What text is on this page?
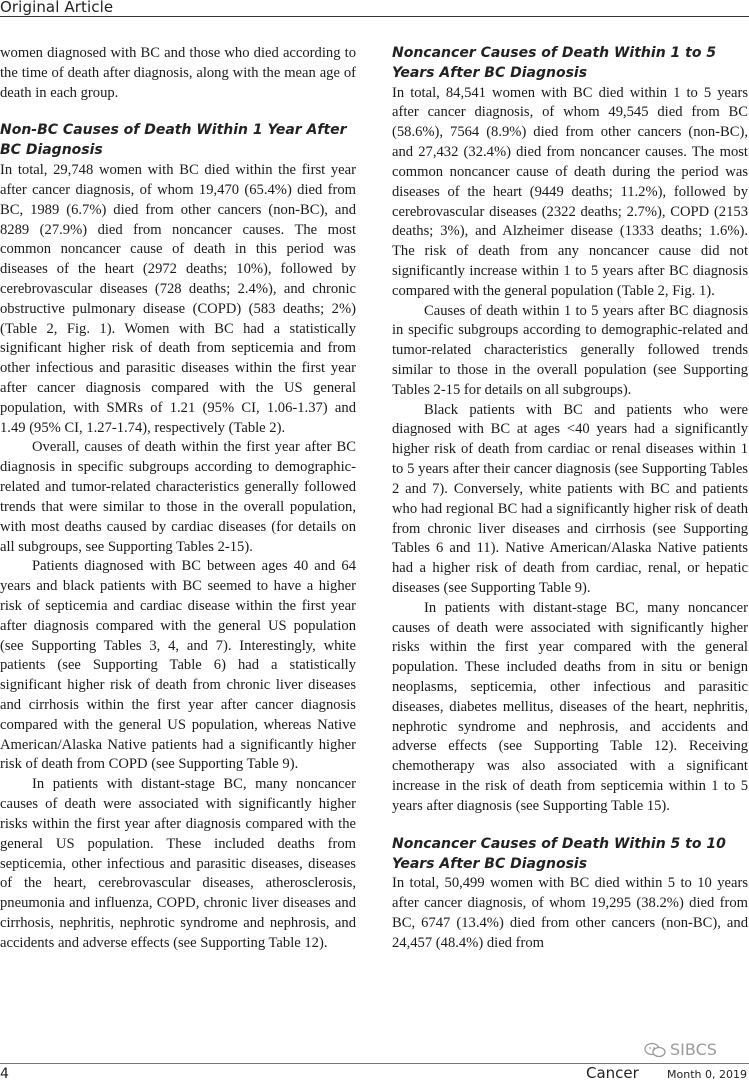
Original Article

women diagnosed with BC and those who died according to the time of death after diagnosis, along with the mean age of death in each group.

Non-BC Causes of Death Within 1 Year After BC Diagnosis

In total, 29,748 women with BC died within the first year after cancer diagnosis, of whom 19,470 (65.4%) died from BC, 1989 (6.7%) died from other cancers (non-BC), and 8289 (27.9%) died from noncancer causes. The most common noncancer cause of death in this period was diseases of the heart (2972 deaths; 10%), followed by cerebrovascular diseases (728 deaths; 2.4%), and chronic obstructive pulmonary disease (COPD) (583 deaths; 2%) (Table 2, Fig. 1). Women with BC had a statistically significant higher risk of death from septicemia and from other infectious and parasitic diseases within the first year after cancer diagnosis compared with the US general population, with SMRs of 1.21 (95% CI, 1.06-1.37) and 1.49 (95% CI, 1.27-1.74), respectively (Table 2).

Overall, causes of death within the first year after BC diagnosis in specific subgroups according to demographic-related and tumor-related characteristics generally followed trends that were similar to those in the overall population, with most deaths caused by cardiac diseases (for details on all subgroups, see Supporting Tables 2-15).

Patients diagnosed with BC between ages 40 and 64 years and black patients with BC seemed to have a higher risk of septicemia and cardiac disease within the first year after diagnosis compared with the general US population (see Supporting Tables 3, 4, and 7). Interestingly, white patients (see Supporting Table 6) had a statistically significant higher risk of death from chronic liver diseases and cirrhosis within the first year after cancer diagnosis compared with the general US population, whereas Native American/Alaska Native patients had a significantly higher risk of death from COPD (see Supporting Table 9).

In patients with distant-stage BC, many noncancer causes of death were associated with significantly higher risks within the first year after diagnosis compared with the general US population. These included deaths from septicemia, other infectious and parasitic diseases, diseases of the heart, cerebrovascular diseases, atherosclerosis, pneumonia and influenza, COPD, chronic liver diseases and cirrhosis, nephritis, nephrotic syndrome and nephrosis, and accidents and adverse effects (see Supporting Table 12).

Noncancer Causes of Death Within 1 to 5 Years After BC Diagnosis

In total, 84,541 women with BC died within 1 to 5 years after cancer diagnosis, of whom 49,545 died from BC (58.6%), 7564 (8.9%) died from other cancers (non-BC), and 27,432 (32.4%) died from noncancer causes. The most common noncancer cause of death during the period was diseases of the heart (9449 deaths; 11.2%), followed by cerebrovascular diseases (2322 deaths; 2.7%), COPD (2153 deaths; 3%), and Alzheimer disease (1333 deaths; 1.6%). The risk of death from any noncancer cause did not significantly increase within 1 to 5 years after BC diagnosis compared with the general population (Table 2, Fig. 1).

Causes of death within 1 to 5 years after BC diagnosis in specific subgroups according to demographic-related and tumor-related characteristics generally followed trends similar to those in the overall population (see Supporting Tables 2-15 for details on all subgroups).

Black patients with BC and patients who were diagnosed with BC at ages <40 years had a significantly higher risk of death from cardiac or renal diseases within 1 to 5 years after their cancer diagnosis (see Supporting Tables 2 and 7). Conversely, white patients with BC and patients who had regional BC had a significantly higher risk of death from chronic liver diseases and cirrhosis (see Supporting Tables 6 and 11). Native American/Alaska Native patients had a higher risk of death from cardiac, renal, or hepatic diseases (see Supporting Table 9).

In patients with distant-stage BC, many noncancer causes of death were associated with significantly higher risks within the first year compared with the general population. These included deaths from in situ or benign neoplasms, septicemia, other infectious and parasitic diseases, diabetes mellitus, diseases of the heart, nephritis, nephrotic syndrome and nephrosis, and accidents and adverse effects (see Supporting Table 12). Receiving chemotherapy was also associated with a significant increase in the risk of death from septicemia within 1 to 5 years after diagnosis (see Supporting Table 15).

Noncancer Causes of Death Within 5 to 10 Years After BC Diagnosis

In total, 50,499 women with BC died within 5 to 10 years after cancer diagnosis, of whom 19,295 (38.2%) died from BC, 6747 (13.4%) died from other cancers (non-BC), and 24,457 (48.4%) died from

SIBCS
4	Cancer	Month 0, 2019
